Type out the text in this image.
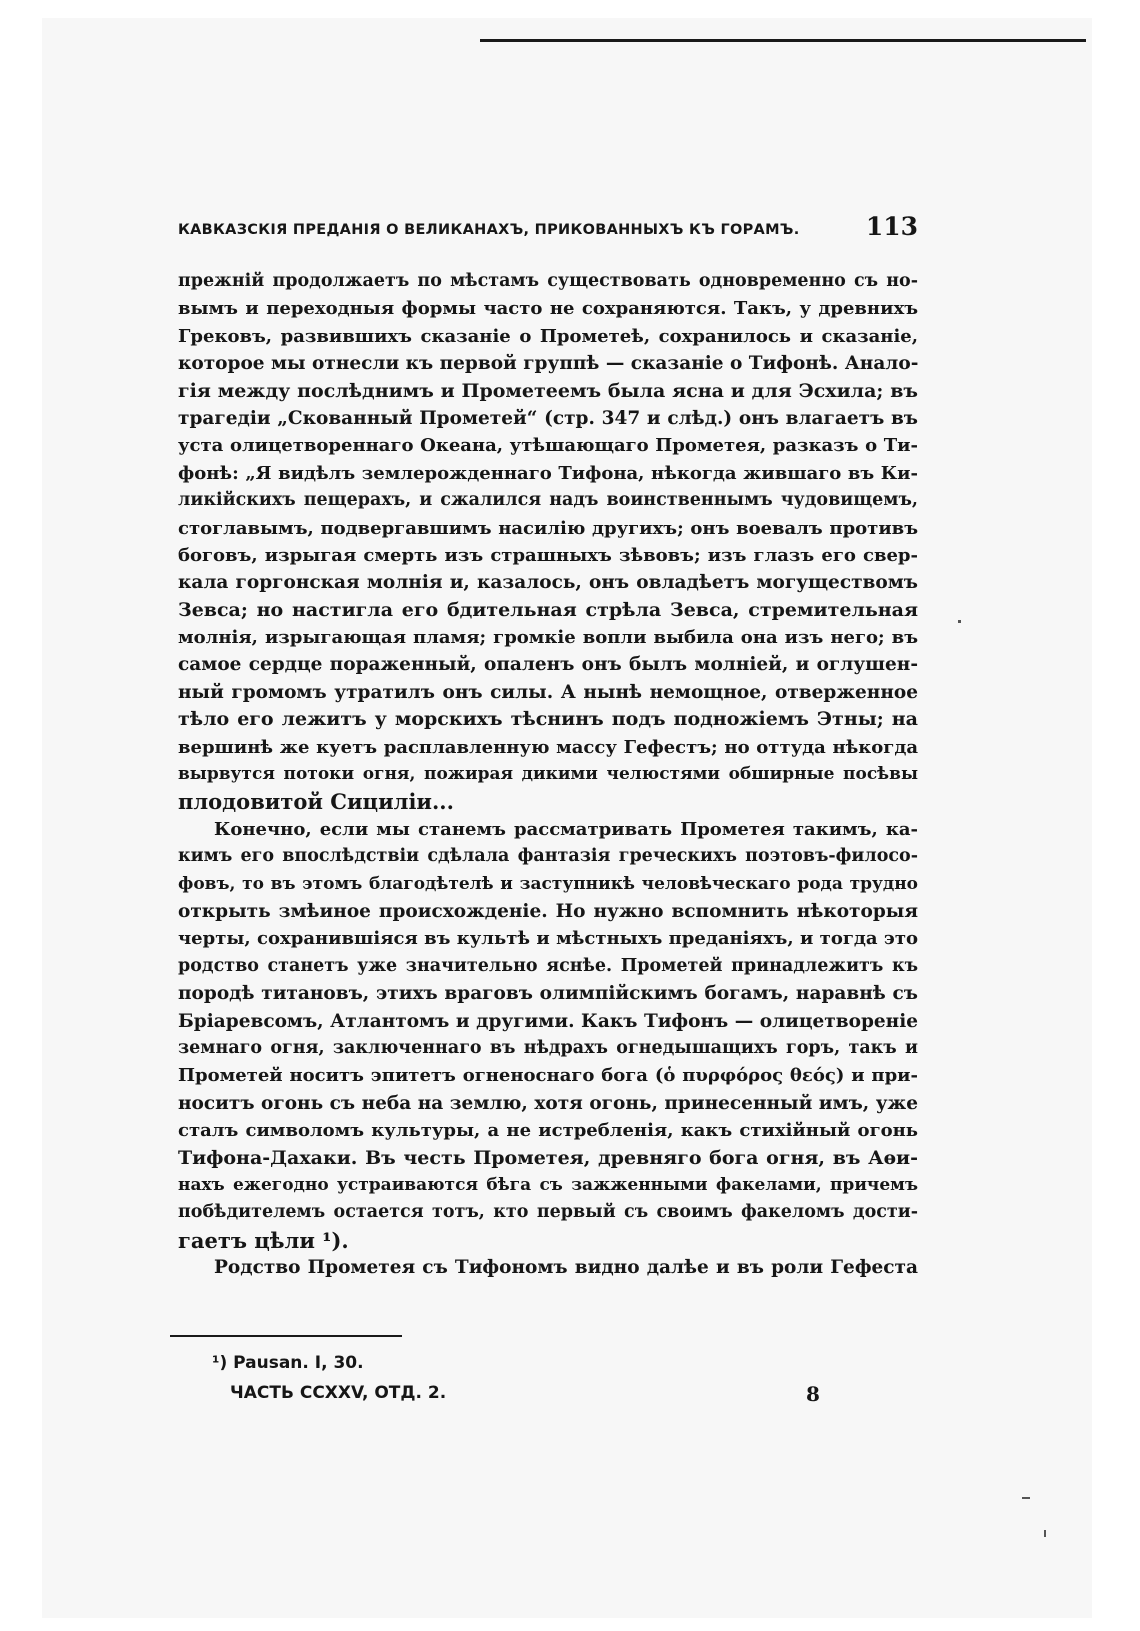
КАВКАЗСКІЯ ПРЕДАНІЯ О ВЕЛИКАНАХЪ, ПРИКОВАННЫХЪ КЪ ГОРАМЪ.	113
прежній продолжаетъ по мѣстамъ существовать одновременно съ но-
вымъ и переходныя формы часто не сохраняются. Такъ, у древнихъ
Грековъ, развившихъ сказаніе о Прометеѣ, сохранилось и сказаніе,
которое мы отнесли къ первой группѣ — сказаніе о Тифонѣ. Анало-
гія между послѣднимъ и Прометеемъ была ясна и для Эсхила; въ
трагедіи „Скованный Прометей“ (стр. 347 и слѣд.) онъ влагаетъ въ
уста олицетвореннаго Океана, утѣшающаго Прометея, разказъ о Ти-
фонѣ: „Я видѣлъ землерожденнаго Тифона, нѣкогда жившаго въ Ки-
ликійскихъ пещерахъ, и сжалился надъ воинственнымъ чудовищемъ,
стоглавымъ, подвергавшимъ насилію другихъ; онъ воевалъ противъ
боговъ, изрыгая смерть изъ страшныхъ зѣвовъ; изъ глазъ его свер-
кала горгонская молнія и, казалось, онъ овладѣетъ могуществомъ
Зевса; но настигла его бдительная стрѣла Зевса, стремительная
молнія, изрыгающая пламя; громкіе вопли выбила она изъ него; въ
самое сердце пораженный, опаленъ онъ былъ молніей, и оглушен-
ный громомъ утратилъ онъ силы. А нынѣ немощное, отверженное
тѣло его лежитъ у морскихъ тѣснинъ подъ подножіемъ Этны; на
вершинѣ же куетъ расплавленную массу Гефестъ; но оттуда нѣкогда
вырвутся потоки огня, пожирая дикими челюстями обширные посѣвы
плодовитой Сициліи...
Конечно, если мы станемъ рассматривать Прометея такимъ, ка-
кимъ его впослѣдствіи сдѣлала фантазія греческихъ поэтовъ-филосо-
фовъ, то въ этомъ благодѣтелѣ и заступникѣ человѣческаго рода трудно
открыть змѣиное происхожденіе. Но нужно вспомнить нѣкоторыя
черты, сохранившіяся въ культѣ и мѣстныхъ преданіяхъ, и тогда это
родство станетъ уже значительно яснѣе. Прометей принадлежитъ къ
породѣ титановъ, этихъ враговъ олимпійскимъ богамъ, наравнѣ съ
Бріаревсомъ, Атлантомъ и другими. Какъ Тифонъ — олицетвореніе
земнаго огня, заключеннаго въ нѣдрахъ огнедышащихъ горъ, такъ и
Прометей носитъ эпитетъ огненоснаго бога (ὁ πυρφόρος θεός) и при-
носитъ огонь съ неба на землю, хотя огонь, принесенный имъ, уже
сталъ символомъ культуры, а не истребленія, какъ стихійный огонь
Тифона-Дахаки. Въ честь Прометея, древняго бога огня, въ Аѳи-
нахъ ежегодно устраиваются бѣга съ зажженными факелами, причемъ
побѣдителемъ остается тотъ, кто первый съ своимъ факеломъ дости-
гаетъ цѣли ¹).
Родство Прометея съ Тифономъ видно далѣе и въ роли Гефеста
¹) Pausan. I, 30.
ЧАСТЬ CCXXV, ОТД. 2.	8
